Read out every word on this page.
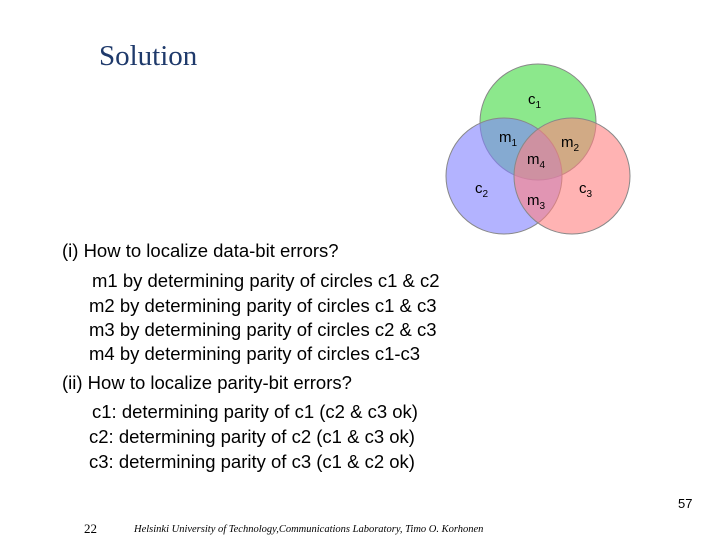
Solution
$c_1$
$m_1$	$m_2$
$m_4$
$c_2$	$c_3$
$m_3$
(i) How to localize data-bit errors?
m1 by determining parity of circles c1 & c2
m2 by determining parity of circles c1 & c3
m3 by determining parity of circles c2 & c3
m4 by determining parity of circles c1-c3
(ii) How to localize parity-bit errors?
c1: determining parity of c1 (c2 & c3 ok)
c2: determining parity of c2 (c1 & c3 ok)
c3: determining parity of c3 (c1 & c2 ok)
57
22	Helsinki University of Technology,Communications Laboratory, Timo O. Korhonen
